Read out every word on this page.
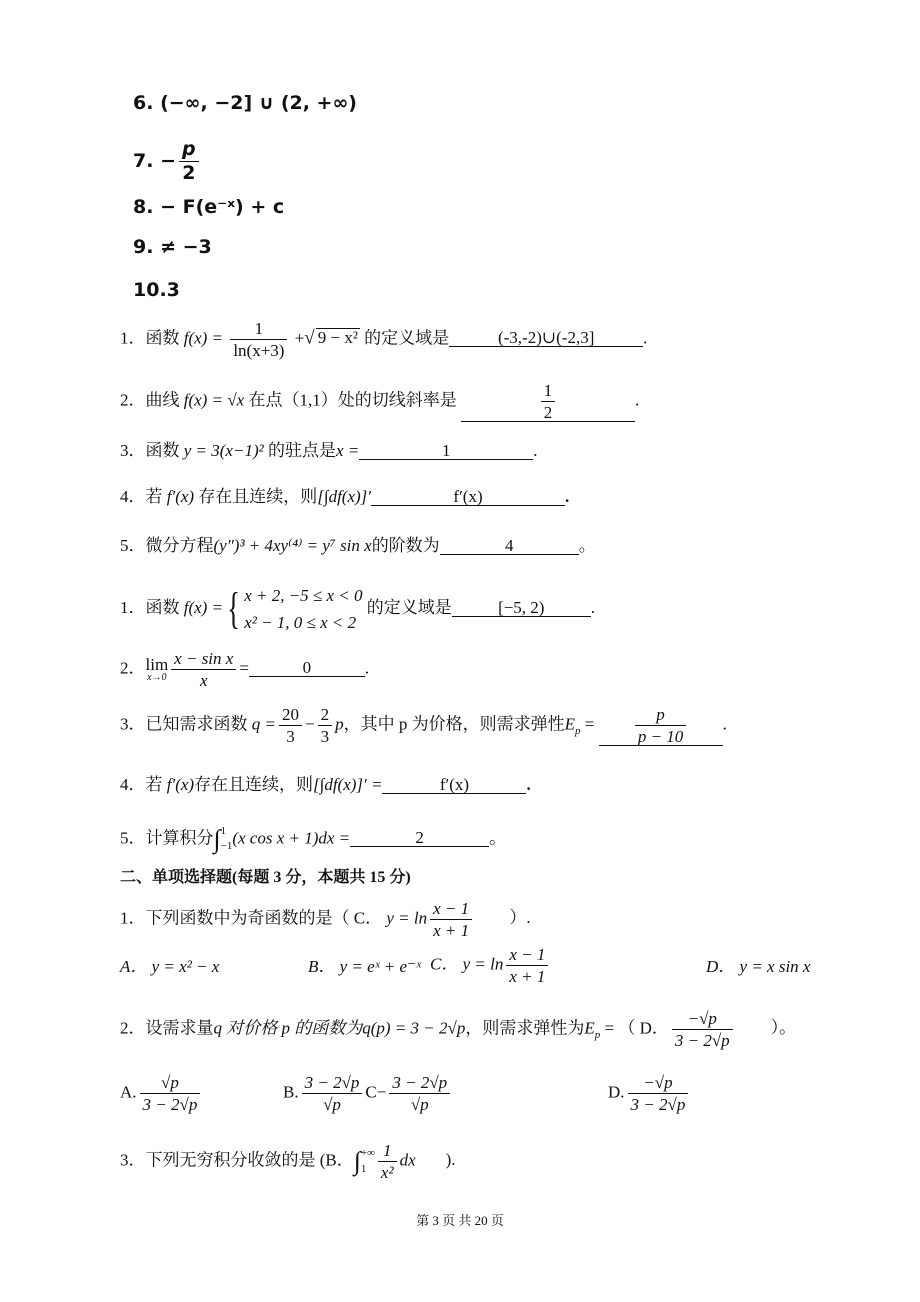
6. (−∞, −2] ∪ (2, +∞)
7. − $\frac{p}{2}$
8. − F(e⁻ˣ) + c
9. ≠ −3
10.3
1．函数 $f(x) = \frac{1}{\ln(x+3)}$ +√ 9 − x² 的定义域是	(-3,-2)∪(-2,3]	.
2．曲线 f(x) = √x 在点（1,1）处的切线斜率是	$\frac{1}{2}$	.
3．函数 y = 3(x−1)² 的驻点是x =	1	.
4．若 f′(x) 存在且连续，则[∫df(x)]′	f′(x)	.
5．微分方程(y″)³ + 4xy⁽⁴⁾ = y⁷ sin x的阶数为	4	。
1．函数 f(x) ={ x + 2, −5 ≤ x < 0
x² − 1, 0 ≤ x < 2
的定义域是	[−5, 2)	.
2．lim
$x\to 0 \frac{\text{x − sin x}}{x}$ =	0	.
3．已知需求函数 $q = \frac{20}{3} - \frac{2}{3}$ p，其中 p 为价格，则需求弹性$E_p = \frac{p}{p - 10}$ .
4．若 f′(x)存在且连续，则[∫df(x)]′ =	f′(x)	.
5．计算积分∫ 1
−1 (x cos x + 1)dx =	2	。
二、单项选择题(每题 3 分，本题共 15 分)
1．下列函数中为奇函数的是（ C． $y = \ln \frac{x - 1}{x + 1}$ ）.
A． y = x² − x	B． y = eˣ + e⁻ˣ C． $y = \ln \frac{x - 1}{x + 1}$	D． y = x sin x
2．设需求量q 对价格 p 的函数为q(p) = 3 − 2√p，则需求弹性为$E_p$ = （ D． $\frac{-√p}{3 - 2√p}$ ）。
A. $\frac{√p}{3 - 2√p}$	B. $\frac{3 - 2√p}{√p} C- \frac{3 - 2√p}{√p}$	D. $\frac{-√p}{3 - 2√p}$
3．下列无穷积分收敛的是 (B．∫ +∞
$1 \frac{1}{\text{x²}}$ dx ).
第 3 页 共 20 页
